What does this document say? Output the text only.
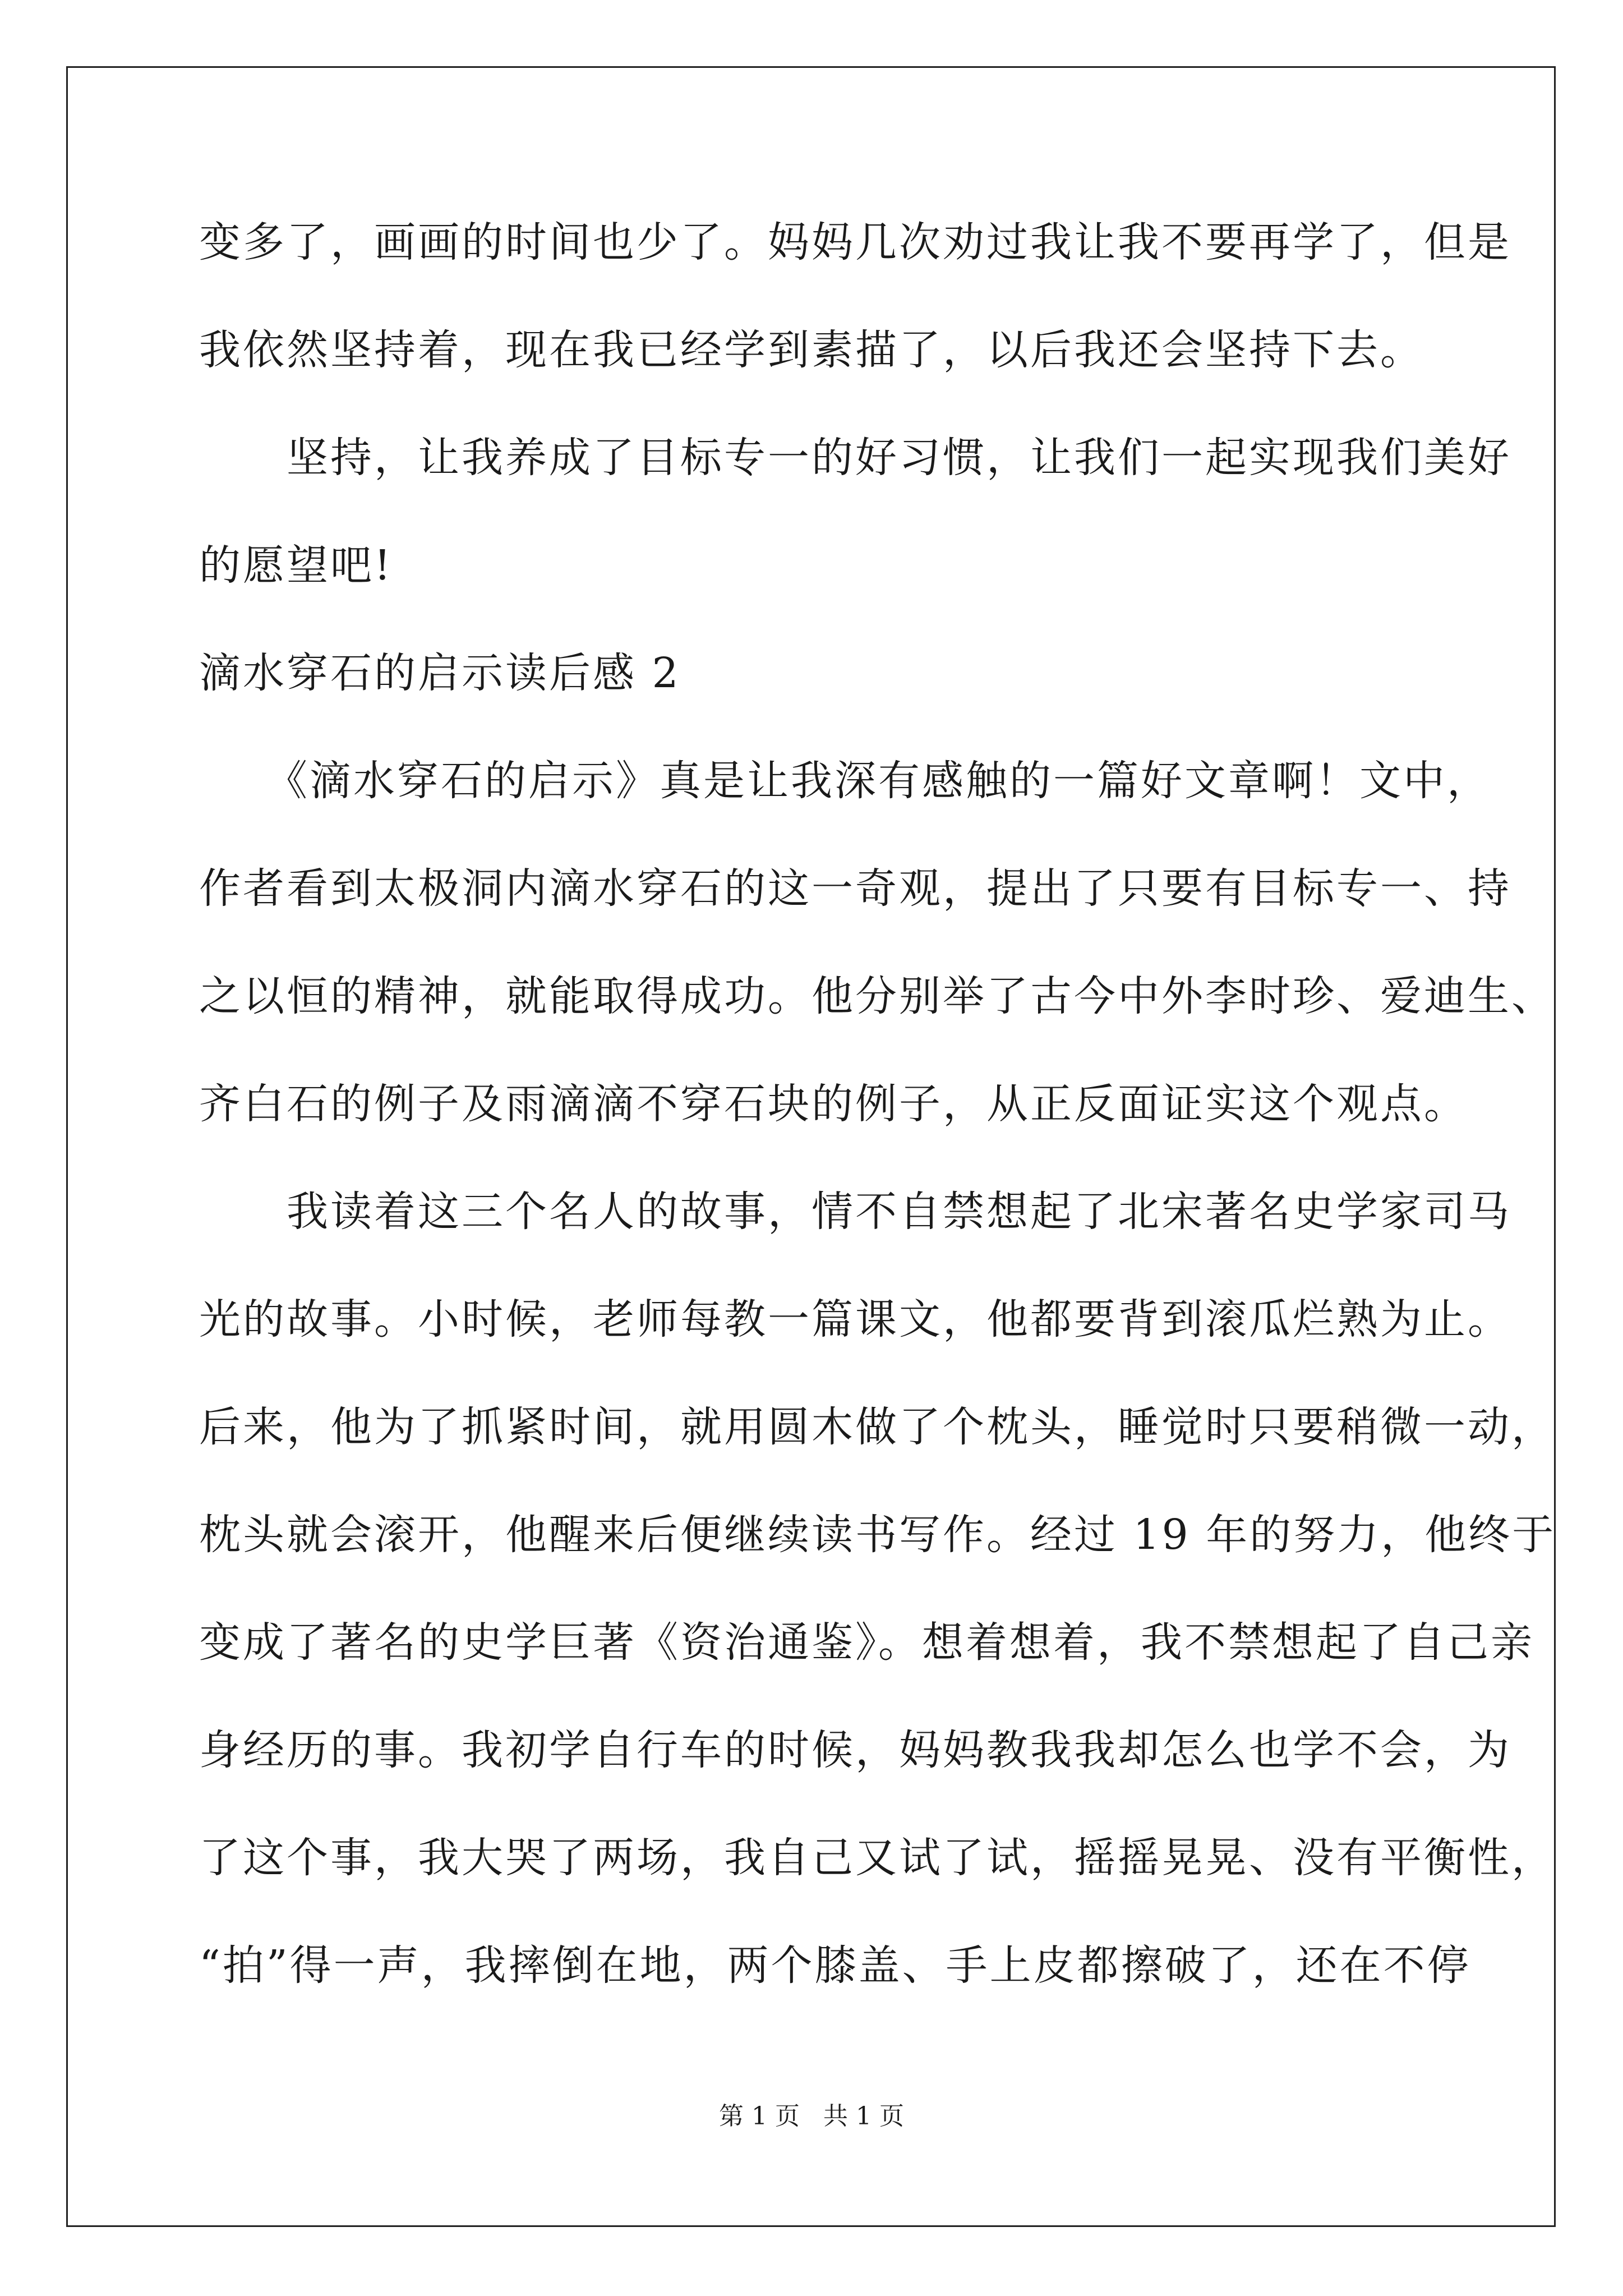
变多了，画画的时间也少了。妈妈几次劝过我让我不要再学了，但是
我依然坚持着，现在我已经学到素描了，以后我还会坚持下去。
　　坚持，让我养成了目标专一的好习惯，让我们一起实现我们美好
的愿望吧!
滴水穿石的启示读后感 2
　　《滴水穿石的启示》真是让我深有感触的一篇好文章啊！文中，
作者看到太极洞内滴水穿石的这一奇观，提出了只要有目标专一、持
之以恒的精神，就能取得成功。他分别举了古今中外李时珍、爱迪生、
齐白石的例子及雨滴滴不穿石块的例子，从正反面证实这个观点。
　　我读着这三个名人的故事，情不自禁想起了北宋著名史学家司马
光的故事。小时候，老师每教一篇课文，他都要背到滚瓜烂熟为止。
后来，他为了抓紧时间，就用圆木做了个枕头，睡觉时只要稍微一动，
枕头就会滚开，他醒来后便继续读书写作。经过 19 年的努力，他终于
变成了著名的史学巨著《资治通鉴》。想着想着，我不禁想起了自己亲
身经历的事。我初学自行车的时候，妈妈教我我却怎么也学不会，为
了这个事，我大哭了两场，我自己又试了试，摇摇晃晃、没有平衡性，
“拍”得一声，我摔倒在地，两个膝盖、手上皮都擦破了，还在不停
第 1 页   共 1 页
